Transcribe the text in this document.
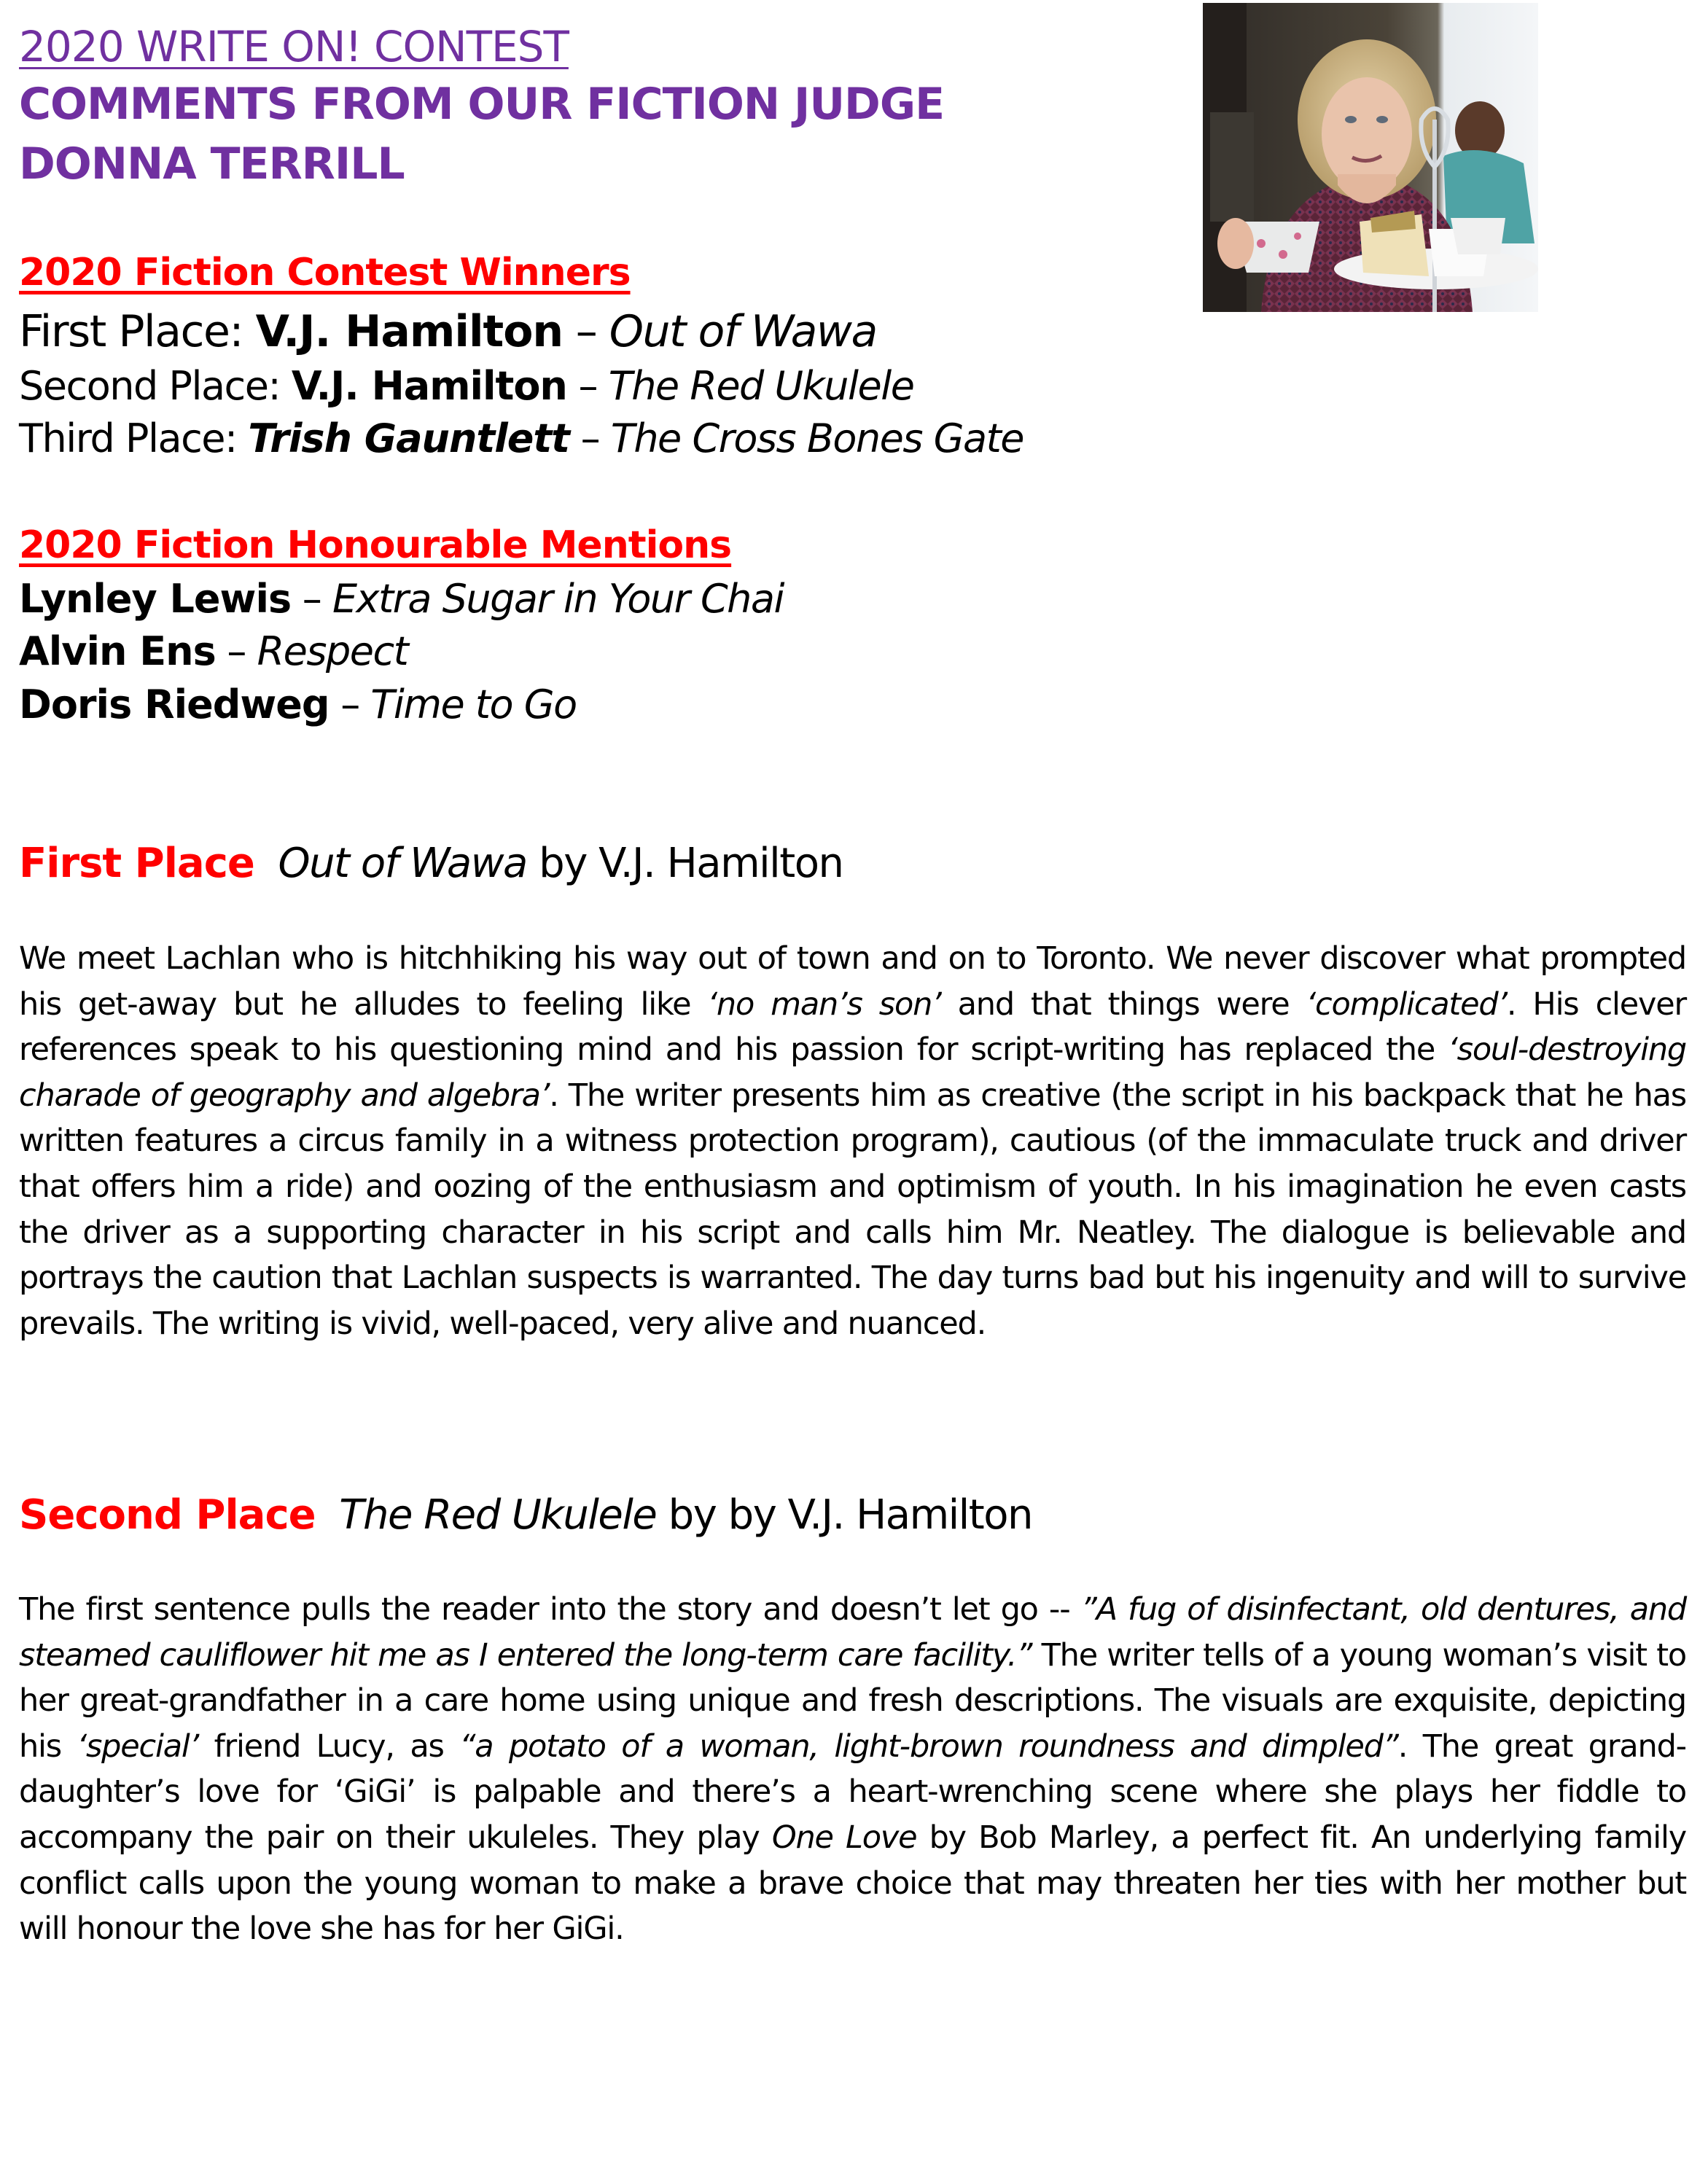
2020 WRITE ON! CONTEST
COMMENTS FROM OUR FICTION JUDGE
DONNA TERRILL
2020 Fiction Contest Winners
First Place: V.J. Hamilton – Out of Wawa
Second Place: V.J. Hamilton – The Red Ukulele
Third Place: Trish Gauntlett – The Cross Bones Gate
2020 Fiction Honourable Mentions
Lynley Lewis – Extra Sugar in Your Chai
Alvin Ens – Respect
Doris Riedweg – Time to Go
First Place Out of Wawa by V.J. Hamilton
We meet Lachlan who is hitchhiking his way out of town and on to Toronto. We never discover what prompted his get-away but he alludes to feeling like ‘no man’s son’ and that things were ‘complicated’. His clever references speak to his questioning mind and his passion for script-writing has replaced the ‘soul-destroying charade of geography and algebra’. The writer presents him as creative (the script in his backpack that he has written features a circus family in a witness protection program), cautious (of the immaculate truck and driver that offers him a ride) and oozing of the enthusiasm and optimism of youth. In his imagination he even casts the driver as a supporting character in his script and calls him Mr. Neatley. The dialogue is believable and portrays the caution that Lachlan suspects is warranted. The day turns bad but his ingenuity and will to survive prevails. The writing is vivid, well-paced, very alive and nuanced.
Second Place The Red Ukulele by by V.J. Hamilton
The first sentence pulls the reader into the story and doesn’t let go -- ”A fug of disinfectant, old dentures, and steamed cauliflower hit me as I entered the long-term care facility.” The writer tells of a young woman’s visit to her great-grandfather in a care home using unique and fresh descriptions. The visuals are exquisite, depicting his ‘special’ friend Lucy, as “a potato of a woman, light-brown roundness and dimpled”. The great grand-daughter’s love for ‘GiGi’ is palpable and there’s a heart-wrenching scene where she plays her fiddle to accompany the pair on their ukuleles. They play One Love by Bob Marley, a perfect fit. An underlying family conflict calls upon the young woman to make a brave choice that may threaten her ties with her mother but will honour the love she has for her GiGi.
